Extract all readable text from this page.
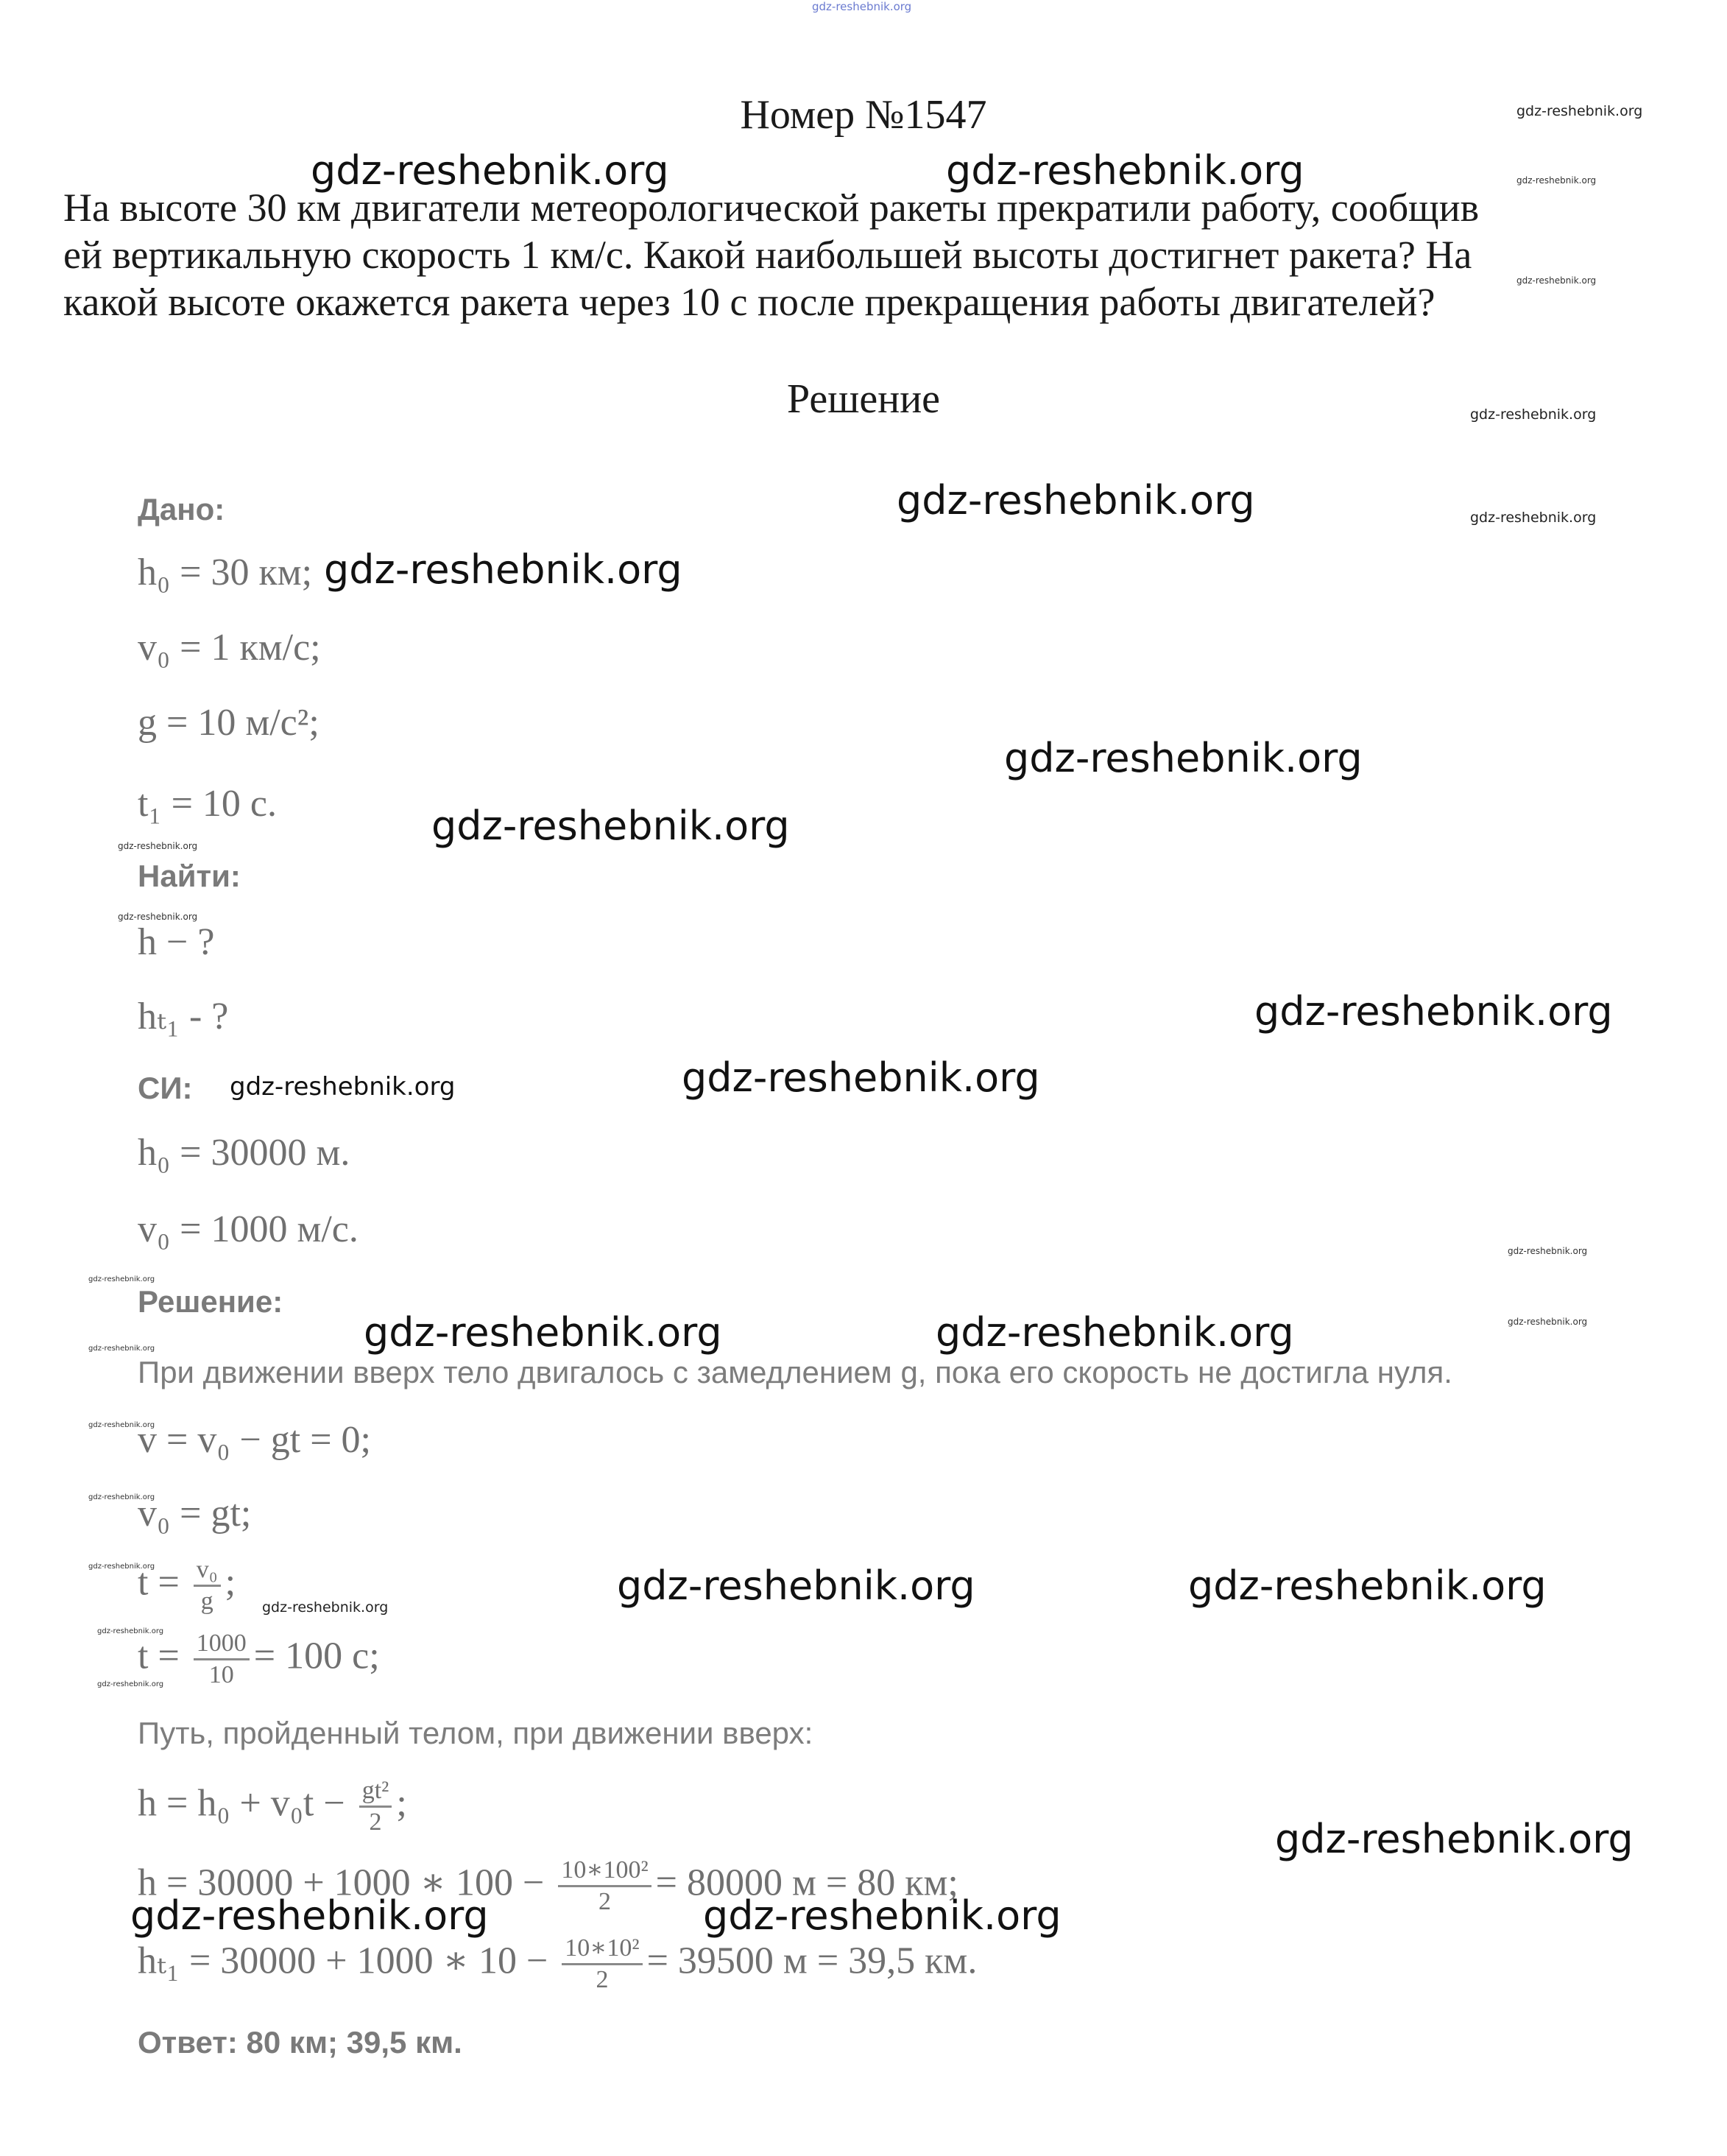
gdz-reshebnik.org
Номер №1547

На высоте 30 км двигатели метеорологической ракеты прекратили работу, сообщив

ей вертикальную скорость 1 км/с. Какой наибольшей высоты достигнет ракета? На

какой высоте окажется ракета через 10 с после прекращения работы двигателей?

Решение
Дано:
h₀ = 30 км;
v₀ = 1 км/с;
g = 10 м/с²;
t₁ = 10 с.
Найти:
h − ?
hₜ₁ - ?
СИ:
h₀ = 30000 м.
v₀ = 1000 м/с.
Решение:
При движении вверх тело двигалось с замедлением g, пока его скорость не достигла нуля.
v = v₀ − gt = 0;
v₀ = gt;
$t = \frac{\text{v₀}}{g}$ ;
$t = \frac{1000}{10} = 100$ с;
Путь, пройденный телом, при движении вверх:
$h = h_0 + v_0t - \frac{\text{gt²}}{2}$ ;
h = 30000 + 1000 ∗ $100 - \frac{\text{10∗100²}}{2} = 80000$ м = 80 км;
hₜ₁ = 30000 + 1000 ∗ $10 - \frac{\text{10∗10²}}{2} = 39500$ м = 39,5 км.
Ответ: 80 км; 39,5 км.
gdz-reshebnik.org	gdz-reshebnik.org
gdz-reshebnik.org
gdz-reshebnik.org
gdz-reshebnik.org
gdz-reshebnik.org
gdz-reshebnik.org
gdz-reshebnik.org
gdz-reshebnik.org	gdz-reshebnik.org
gdz-reshebnik.org	gdz-reshebnik.org
gdz-reshebnik.org
gdz-reshebnik.org	gdz-reshebnik.org
gdz-reshebnik.org
gdz-reshebnik.org
gdz-reshebnik.org
gdz-reshebnik.org
gdz-reshebnik.org
gdz-reshebnik.org
gdz-reshebnik.org
gdz-reshebnik.org
gdz-reshebnik.org
gdz-reshebnik.org
gdz-reshebnik.org
gdz-reshebnik.org
gdz-reshebnik.org
gdz-reshebnik.org
gdz-reshebnik.org
gdz-reshebnik.org
gdz-reshebnik.org
gdz-reshebnik.org
